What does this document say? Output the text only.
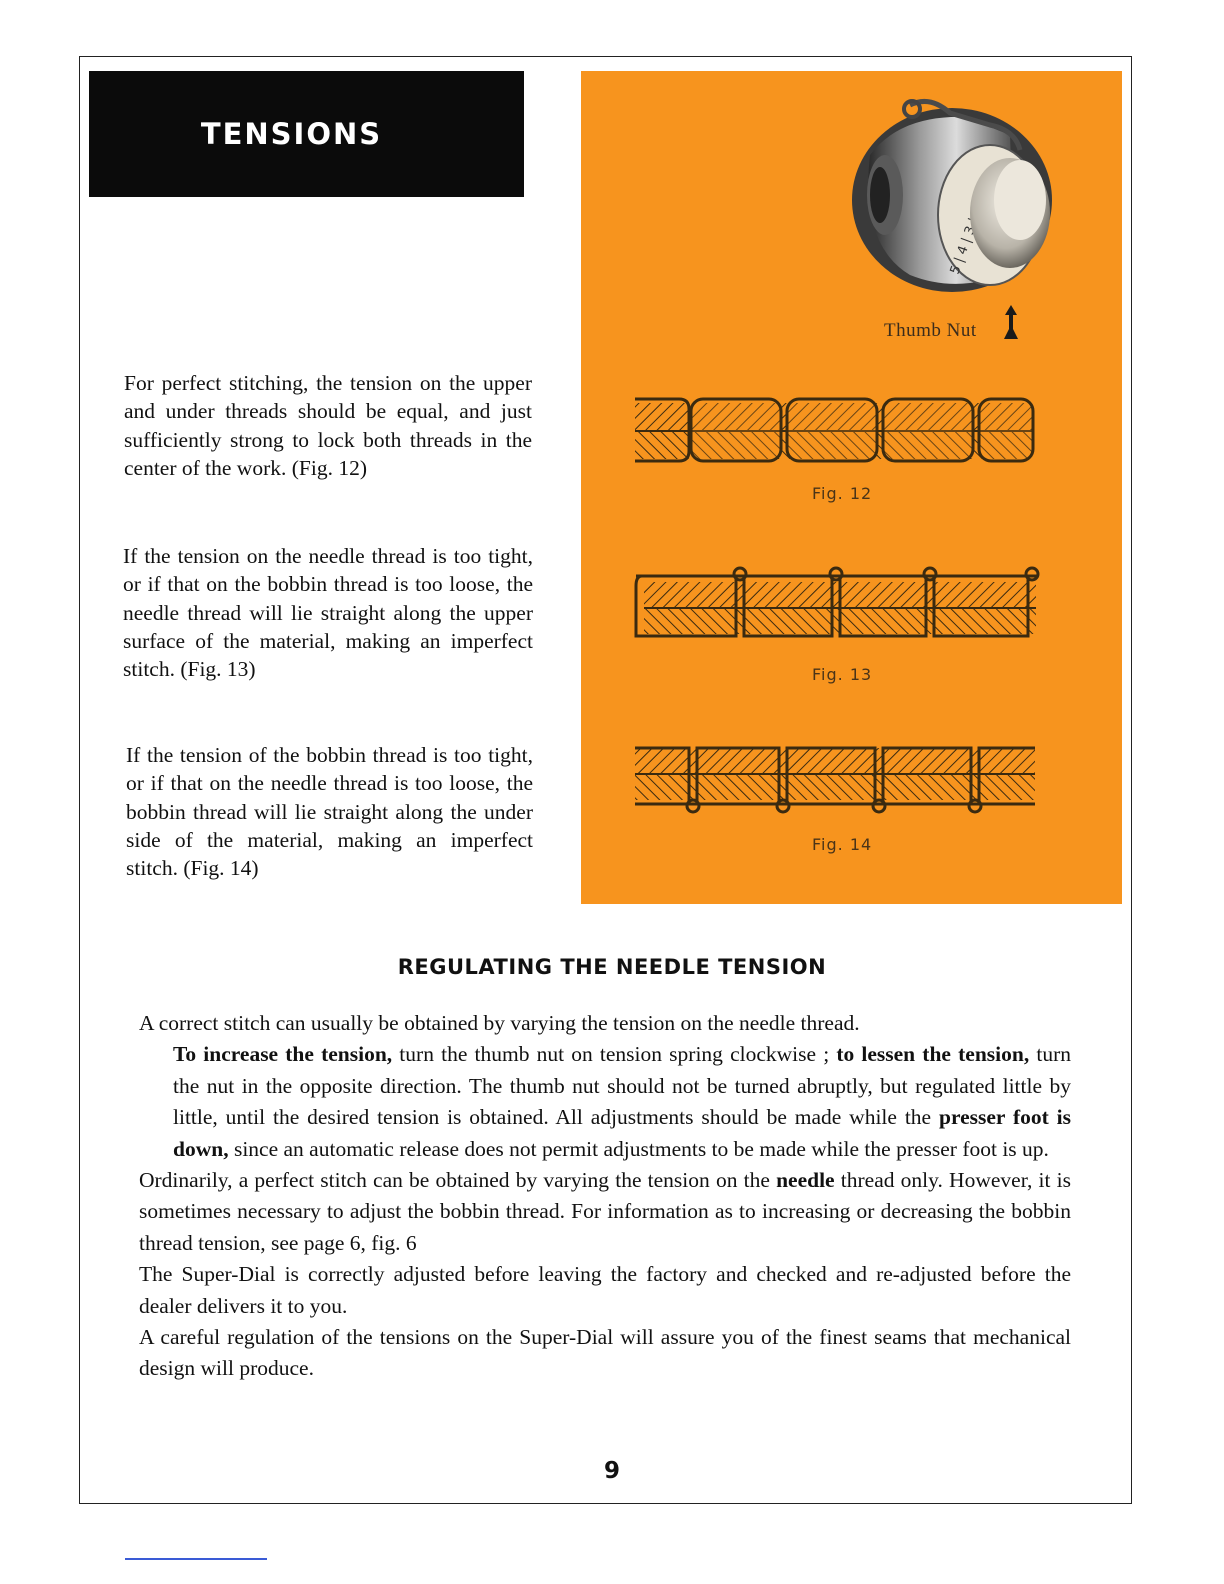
TENSIONS
For perfect stitching, the tension on the upper and under threads should be equal, and just sufficiently strong to lock both threads in the center of the work. (Fig. 12)
If the tension on the needle thread is too tight, or if that on the bobbin thread is too loose, the needle thread will lie straight along the upper surface of the material, making an imperfect stitch. (Fig. 13)
If the tension of the bobbin thread is too tight, or if that on the needle thread is too loose, the bobbin thread will lie straight along the under side of the material, making an imperfect stitch. (Fig. 14)
5 | 4 | 3
Thumb Nut
Fig. 12
Fig. 13
Fig. 14
REGULATING THE NEEDLE TENSION

A correct stitch can usually be obtained by varying the tension on the needle thread.

To increase the tension, turn the thumb nut on tension spring clockwise ; to lessen the tension, turn the nut in the opposite direction. The thumb nut should not be turned abruptly, but regulated little by little, until the desired tension is obtained. All adjustments should be made while the presser foot is down, since an automatic release does not permit adjustments to be made while the presser foot is up.

Ordinarily, a perfect stitch can be obtained by varying the tension on the needle thread only. However, it is sometimes necessary to adjust the bobbin thread. For information as to increasing or decreasing the bobbin thread tension, see page 6, fig. 6

The Super-Dial is correctly adjusted before leaving the factory and checked and re-adjusted before the dealer delivers it to you.

A careful regulation of the tensions on the Super-Dial will assure you of the finest seams that mechanical design will produce.

9
